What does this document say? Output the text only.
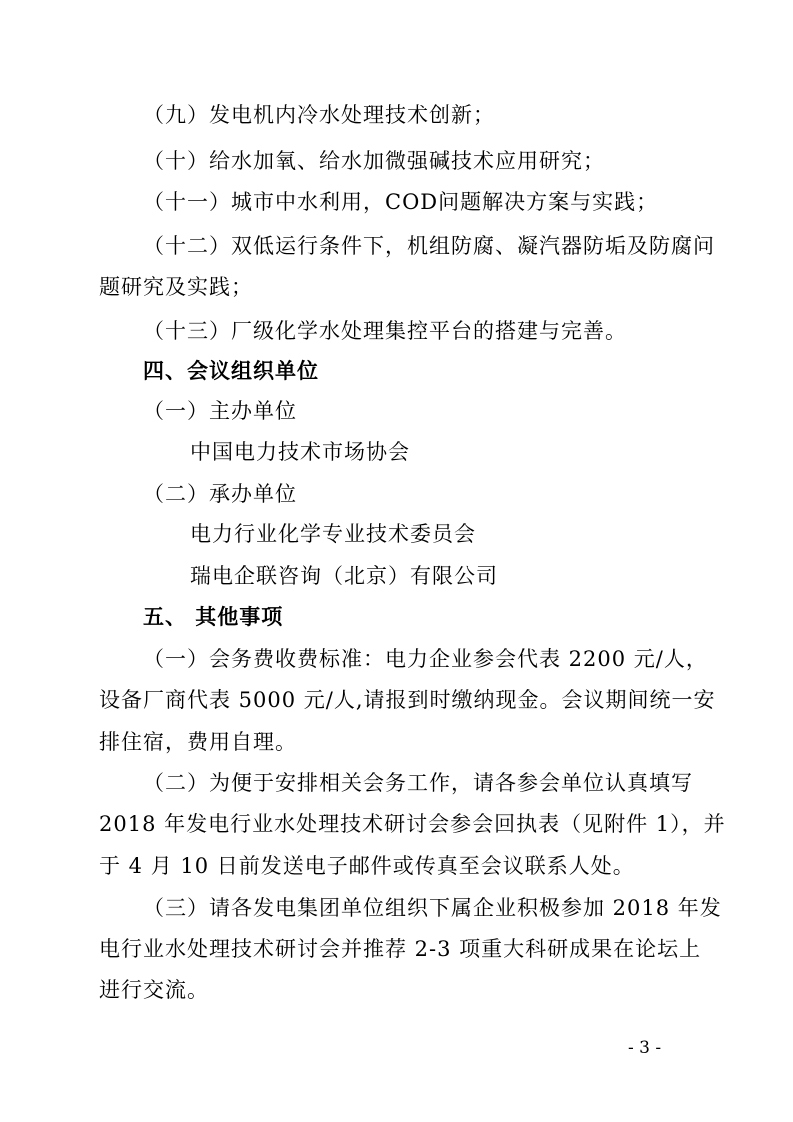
（九）发电机内冷水处理技术创新；
（十）给水加氧、给水加微强碱技术应用研究；
（十一）城市中水利用，COD问题解决方案与实践；
（十二）双低运行条件下，机组防腐、凝汽器防垢及防腐问
题研究及实践；
（十三）厂级化学水处理集控平台的搭建与完善。
四、会议组织单位
（一）主办单位
中国电力技术市场协会
（二）承办单位
电力行业化学专业技术委员会
瑞电企联咨询（北京）有限公司
五、 其他事项
（一）会务费收费标准：电力企业参会代表 2200 元/人，
设备厂商代表 5000 元/人,请报到时缴纳现金。会议期间统一安
排住宿，费用自理。
（二）为便于安排相关会务工作，请各参会单位认真填写
2018 年发电行业水处理技术研讨会参会回执表（见附件 1），并
于 4 月 10 日前发送电子邮件或传真至会议联系人处。
（三）请各发电集团单位组织下属企业积极参加 2018 年发
电行业水处理技术研讨会并推荐 2-3 项重大科研成果在论坛上
进行交流。
- 3 -
